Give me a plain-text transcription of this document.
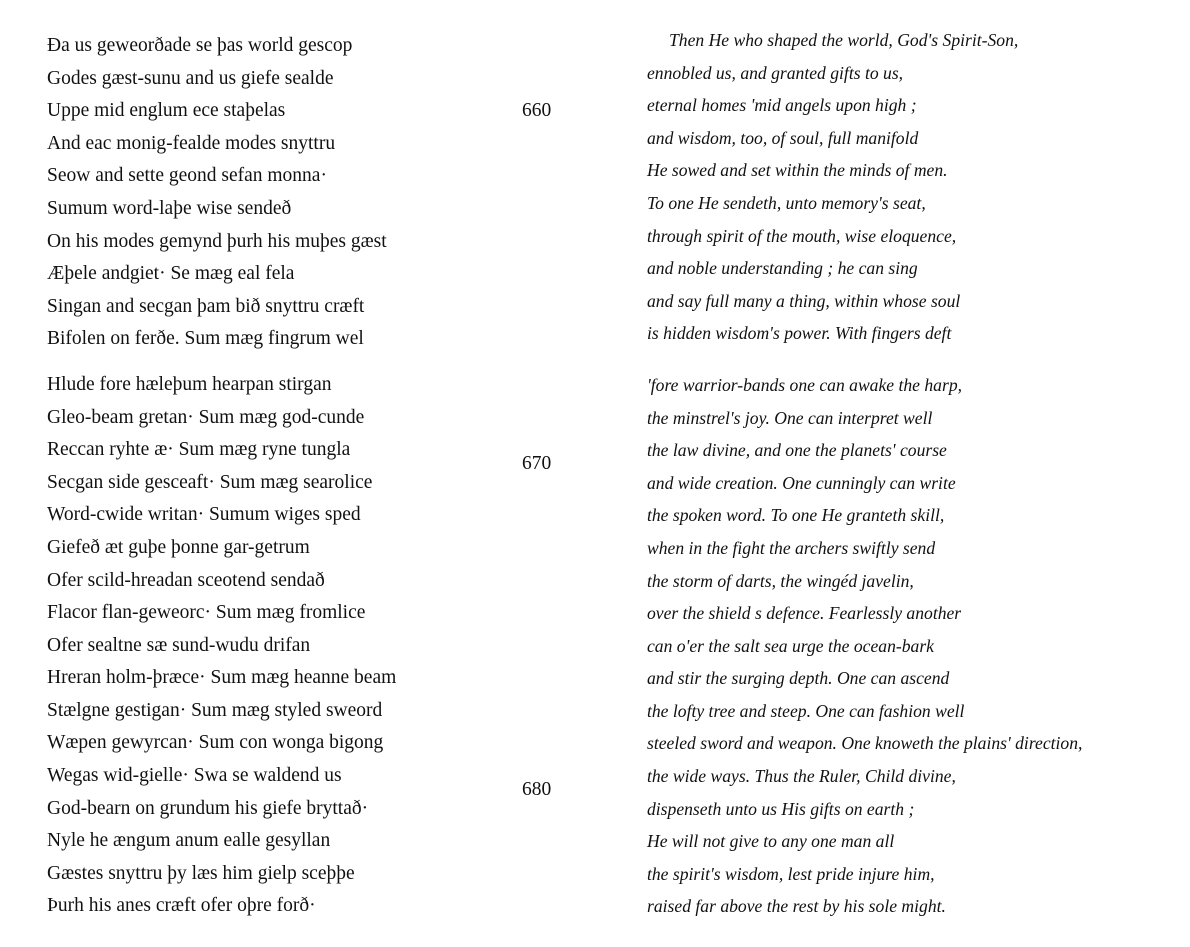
Ða us geweorðade se þas world gescop
Godes gæst-sunu and us giefe sealde
Uppe mid englum ece staþelas
And eac monig-fealde modes snyttru
Seow and sette geond sefan monna·
Sumum word-laþe wise sendeð
On his modes gemynd þurh his muþes gæst
Æþele andgiet· Se mæg eal fela
Singan and secgan þam bið snyttru cræft
Bifolen on ferðe. Sum mæg fingrum wel
Hlude fore hæleþum hearpan stirgan
Gleo-beam gretan· Sum mæg god-cunde
Reccan ryhte æ· Sum mæg ryne tungla
Secgan side gesceaft· Sum mæg searolice
Word-cwide writan· Sumum wiges sped
Giefeð æt guþe þonne gar-getrum
Ofer scild-hreadan sceotend sendað
Flacor flan-geweorc· Sum mæg fromlice
Ofer sealtne sæ sund-wudu drifan
Hreran holm-þræce· Sum mæg heanne beam
Stælgne gestigan· Sum mæg styled sweord
Wæpen gewyrcan· Sum con wonga bigong
Wegas wid-gielle· Swa se waldend us
God-bearn on grundum his giefe bryttað·
Nyle he ængum anum ealle gesyllan
Gæstes snyttru þy læs him gielp sceþþe
Þurh his anes cræft ofer oþre forð·
660
670
680
Then He who shaped the world, God's Spirit-Son,
ennobled us, and granted gifts to us,
eternal homes 'mid angels upon high ;
and wisdom, too, of soul, full manifold
He sowed and set within the minds of men.
To one He sendeth, unto memory's seat,
through spirit of the mouth, wise eloquence,
and noble understanding ; he can sing
and say full many a thing, within whose soul
is hidden wisdom's power. With fingers deft
'fore warrior-bands one can awake the harp,
the minstrel's joy. One can interpret well
the law divine, and one the planets' course
and wide creation. One cunningly can write
the spoken word. To one He granteth skill,
when in the fight the archers swiftly send
the storm of darts, the wingéd javelin,
over the shield s defence. Fearlessly another
can o'er the salt sea urge the ocean-bark
and stir the surging depth. One can ascend
the lofty tree and steep. One can fashion well
steeled sword and weapon. One knoweth the plains' direction,
the wide ways. Thus the Ruler, Child divine,
dispenseth unto us His gifts on earth ;
He will not give to any one man all
the spirit's wisdom, lest pride injure him,
raised far above the rest by his sole might.
